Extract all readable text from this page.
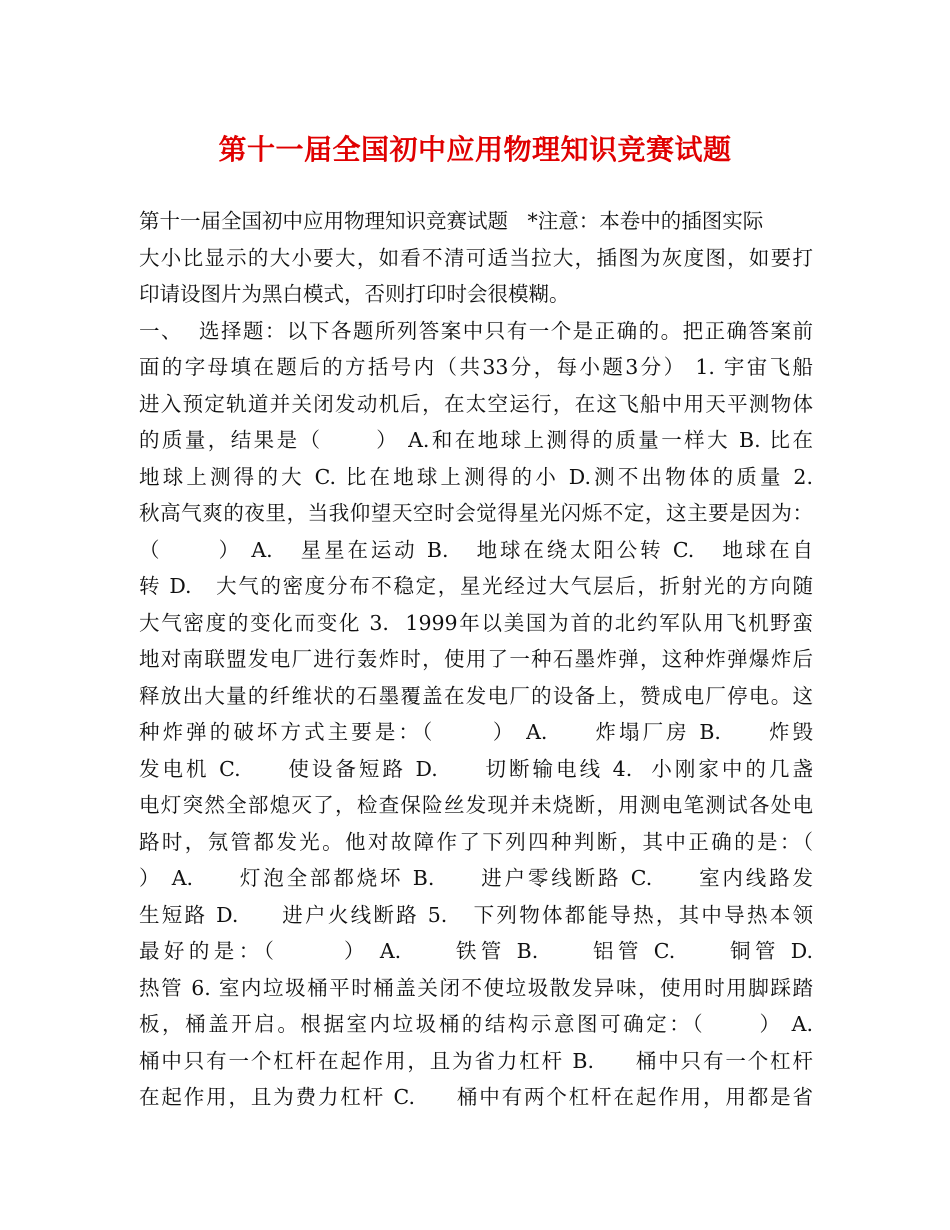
第十一届全国初中应用物理知识竞赛试题
第十一届全国初中应用物理知识竞赛试题   *注意：本卷中的插图实际
大小比显示的大小要大，如看不清可适当拉大，插图为灰度图，如要打
印请设图片为黑白模式，否则打印时会很模糊。
一、  选择题：以下各题所列答案中只有一个是正确的。把正确答案前
面的字母填在题后的方括号内（共33分，每小题3分） 1. 宇宙飞船
进入预定轨道并关闭发动机后，在太空运行，在这飞船中用天平测物体
的质量，结果是（      ） A.和在地球上测得的质量一样大 B. 比在
地球上测得的大 C. 比在地球上测得的小 D.测不出物体的质量 2.
秋高气爽的夜里，当我仰望天空时会觉得星光闪烁不定，这主要是因为：
（      ） A.   星星在运动 B.   地球在绕太阳公转 C.   地球在自
转 D.   大气的密度分布不稳定，星光经过大气层后，折射光的方向随
大气密度的变化而变化 3.  1999年以美国为首的北约军队用飞机野蛮
地对南联盟发电厂进行轰炸时，使用了一种石墨炸弹，这种炸弹爆炸后
释放出大量的纤维状的石墨覆盖在发电厂的设备上，赞成电厂停电。这
种炸弹的破坏方式主要是：（      ） A.     炸塌厂房 B.     炸毁
发电机 C.     使设备短路 D.     切断输电线 4.  小刚家中的几盏
电灯突然全部熄灭了，检查保险丝发现并未烧断，用测电笔测试各处电
路时，氖管都发光。他对故障作了下列四种判断，其中正确的是：（
） A.     灯泡全部都烧坏 B.     进户零线断路 C.     室内线路发
生短路 D.     进户火线断路 5.   下列物体都能导热，其中导热本领
最好的是：（      ） A.     铁管 B.     铝管 C.     铜管 D.
热管 6. 室内垃圾桶平时桶盖关闭不使垃圾散发异味，使用时用脚踩踏
板，桶盖开启。根据室内垃圾桶的结构示意图可确定：（      ） A.
桶中只有一个杠杆在起作用，且为省力杠杆 B.     桶中只有一个杠杆
在起作用，且为费力杠杆 C.     桶中有两个杠杆在起作用，用都是省
